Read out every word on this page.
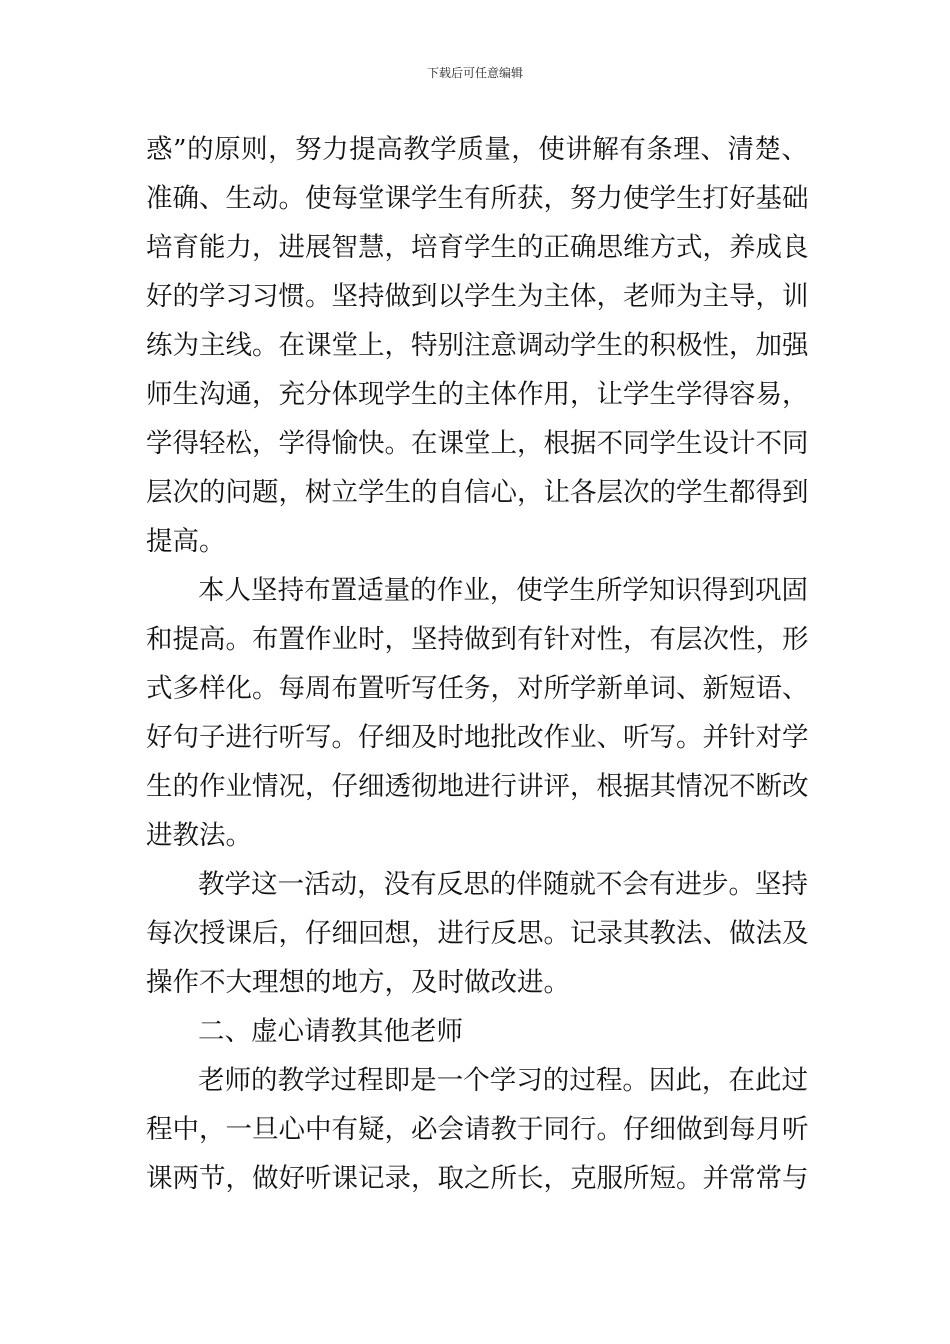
下载后可任意编辑
惑”的原则，努力提高教学质量，使讲解有条理、清楚、
准确、生动。使每堂课学生有所获，努力使学生打好基础
培育能力，进展智慧，培育学生的正确思维方式，养成良
好的学习习惯。坚持做到以学生为主体，老师为主导，训
练为主线。在课堂上，特别注意调动学生的积极性，加强
师生沟通，充分体现学生的主体作用，让学生学得容易，
学得轻松，学得愉快。在课堂上，根据不同学生设计不同
层次的问题，树立学生的自信心，让各层次的学生都得到
提高。
本人坚持布置适量的作业，使学生所学知识得到巩固
和提高。布置作业时，坚持做到有针对性，有层次性，形
式多样化。每周布置听写任务，对所学新单词、新短语、
好句子进行听写。仔细及时地批改作业、听写。并针对学
生的作业情况，仔细透彻地进行讲评，根据其情况不断改
进教法。
教学这一活动，没有反思的伴随就不会有进步。坚持
每次授课后，仔细回想，进行反思。记录其教法、做法及
操作不大理想的地方，及时做改进。
二、虚心请教其他老师
老师的教学过程即是一个学习的过程。因此，在此过
程中，一旦心中有疑，必会请教于同行。仔细做到每月听
课两节，做好听课记录，取之所长，克服所短。并常常与
